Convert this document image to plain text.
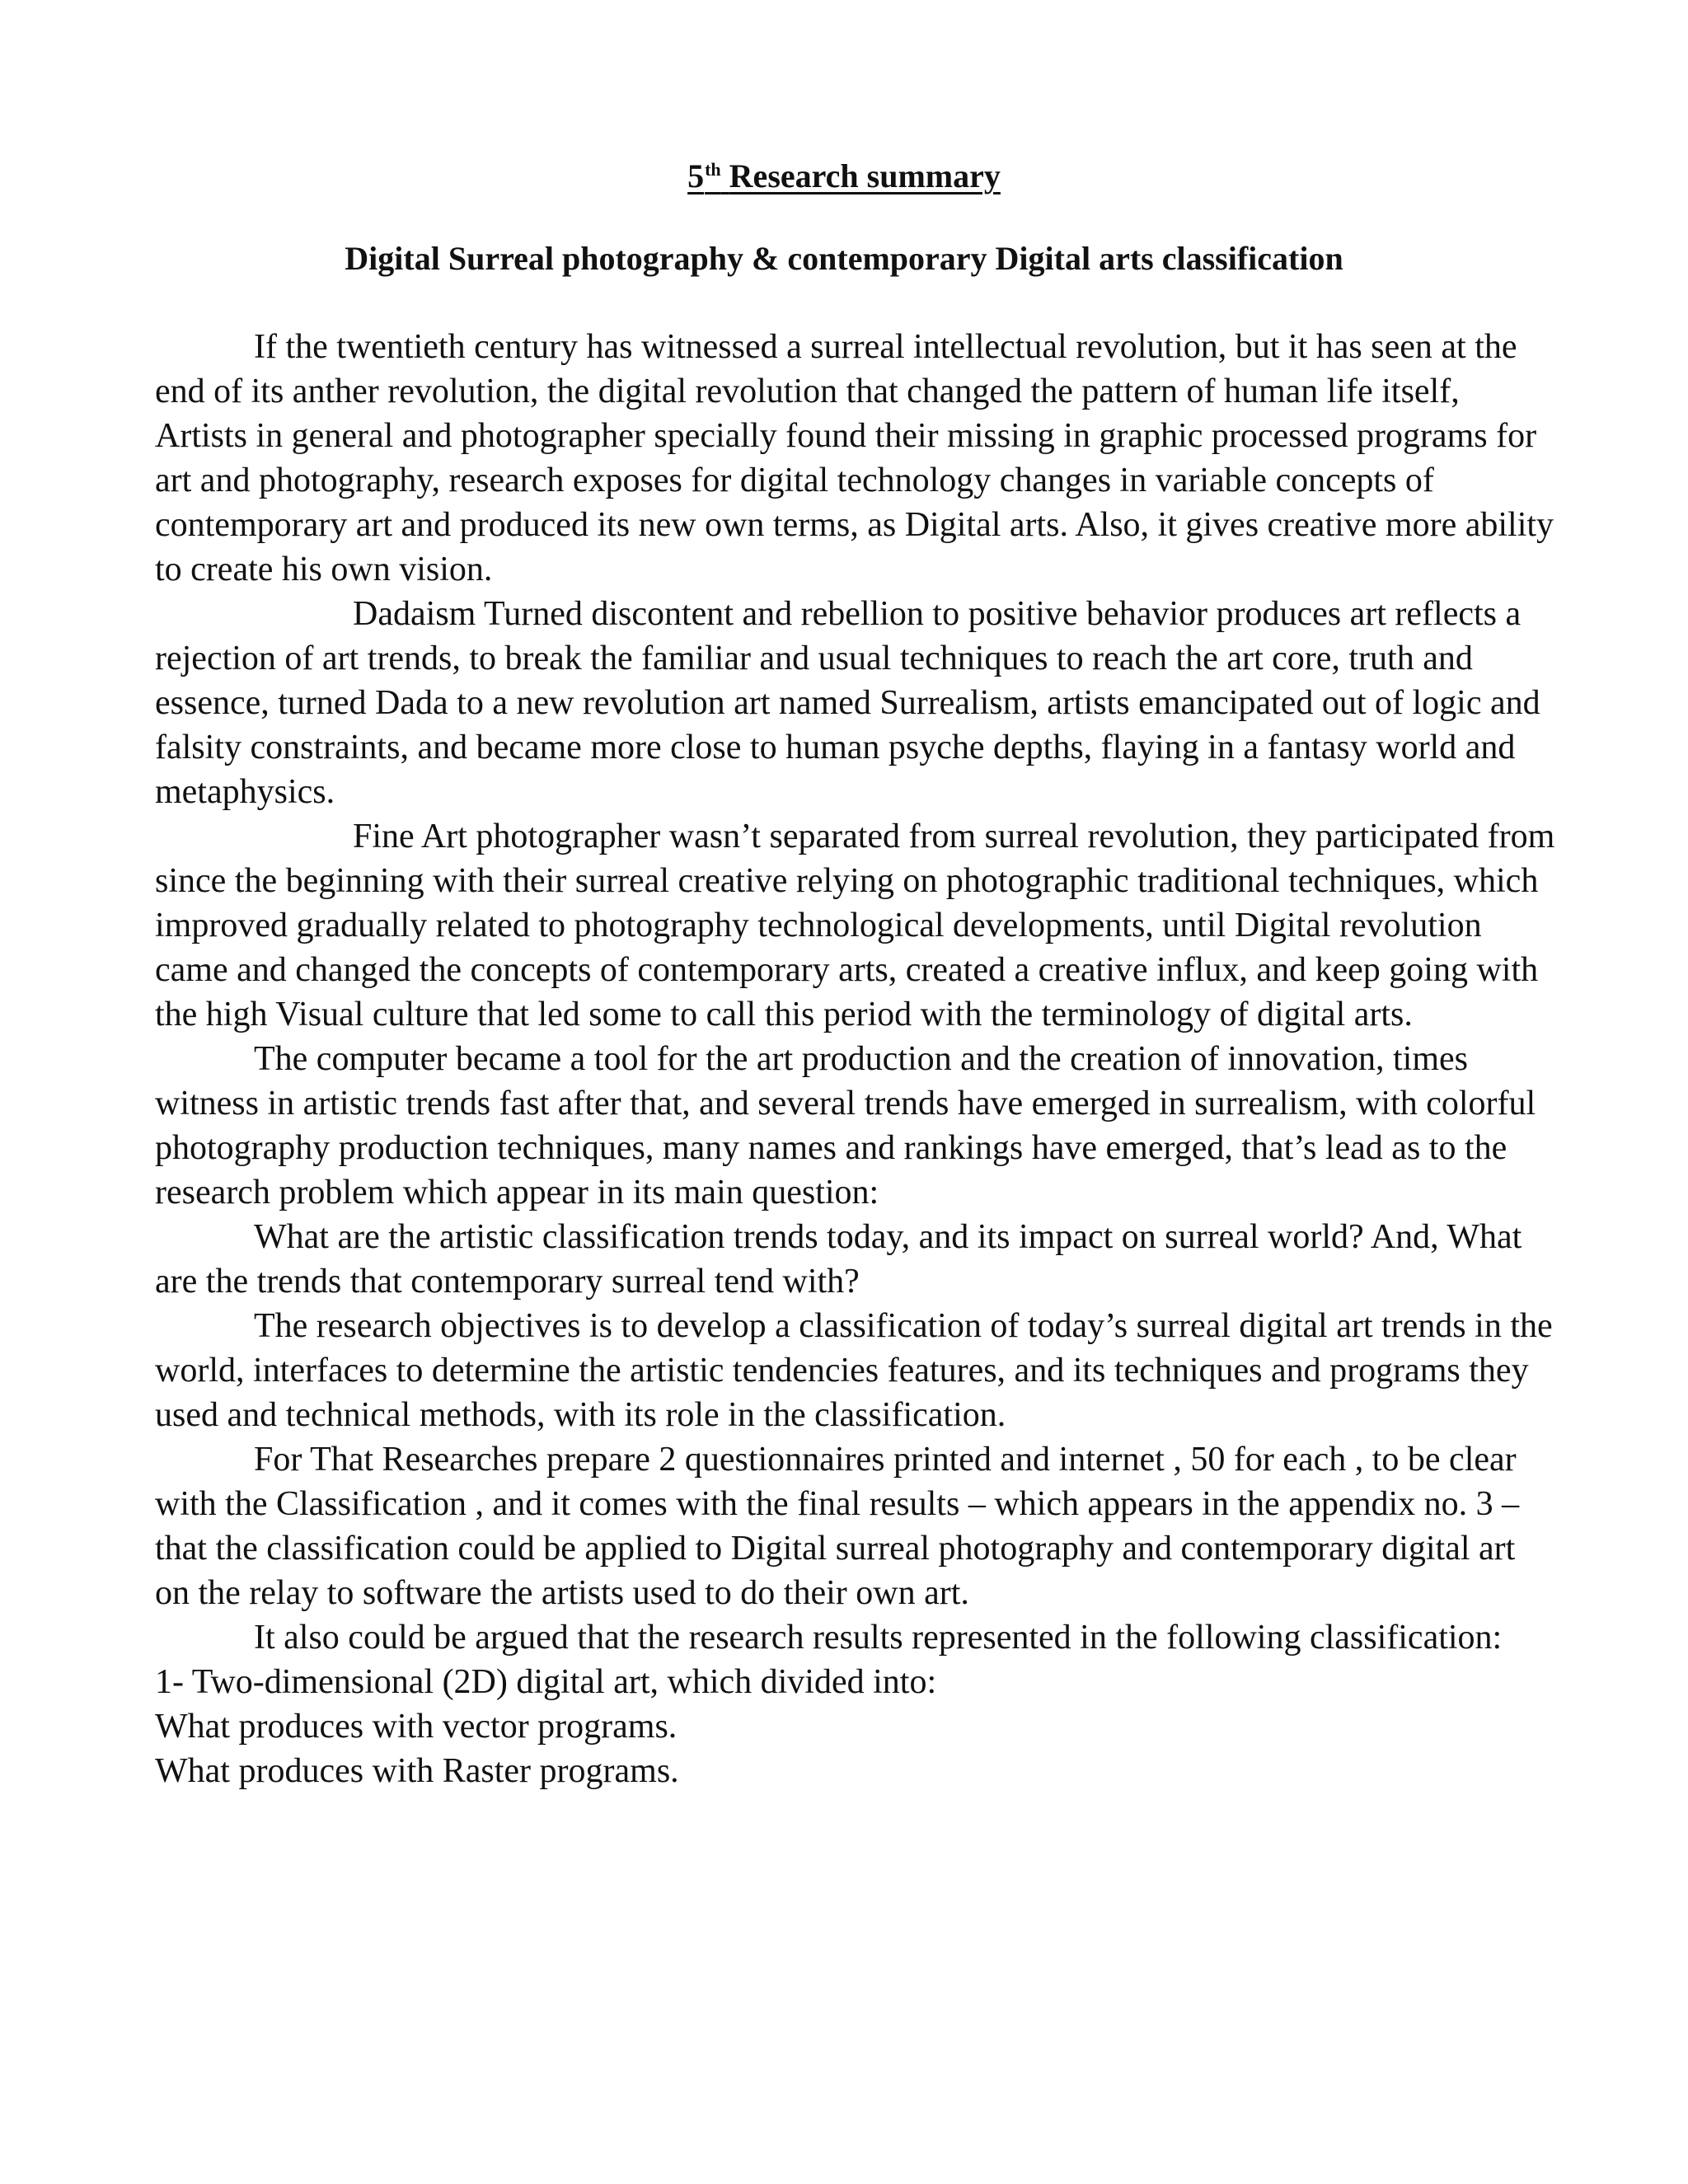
5th Research summary
Digital Surreal photography & contemporary Digital arts classification

If the twentieth century has witnessed a surreal intellectual revolution, but it has seen at the end of its anther revolution, the digital revolution that changed the pattern of human life itself, Artists in general and photographer specially found their missing in graphic processed programs for art and photography, research exposes for digital technology changes in variable concepts of contemporary art and produced its new own terms, as Digital arts. Also, it gives creative more ability to create his own vision.

Dadaism Turned discontent and rebellion to positive behavior produces art reflects a rejection of art trends, to break the familiar and usual techniques to reach the art core, truth and essence, turned Dada to a new revolution art named Surrealism, artists emancipated out of logic and falsity constraints, and became more close to human psyche depths, flaying in a fantasy world and metaphysics.

Fine Art photographer wasn’t separated from surreal revolution, they participated from since the beginning with their surreal creative relying on photographic traditional techniques, which improved gradually related to photography technological developments, until Digital revolution came and changed the concepts of contemporary arts, created a creative influx, and keep going with the high Visual culture that led some to call this period with the terminology of digital arts.

The computer became a tool for the art production and the creation of innovation, times witness in artistic trends fast after that, and several trends have emerged in surrealism, with colorful photography production techniques, many names and rankings have emerged, that’s lead as to the research problem which appear in its main question:

What are the artistic classification trends today, and its impact on surreal world? And, What are the trends that contemporary surreal tend with?

The research objectives is to develop a classification of today’s surreal digital art trends in the world, interfaces to determine the artistic tendencies features, and its techniques and programs they used and technical methods, with its role in the classification.

For That Researches prepare 2 questionnaires printed and internet , 50 for each , to be clear with the Classification , and it comes with the final results – which appears in the appendix no. 3 – that the classification could be applied to Digital surreal photography and contemporary digital art on the relay to software the artists used to do their own art.

It also could be argued that the research results represented in the following classification:

1- Two-dimensional (2D) digital art, which divided into:

What produces with vector programs.

What produces with Raster programs.
